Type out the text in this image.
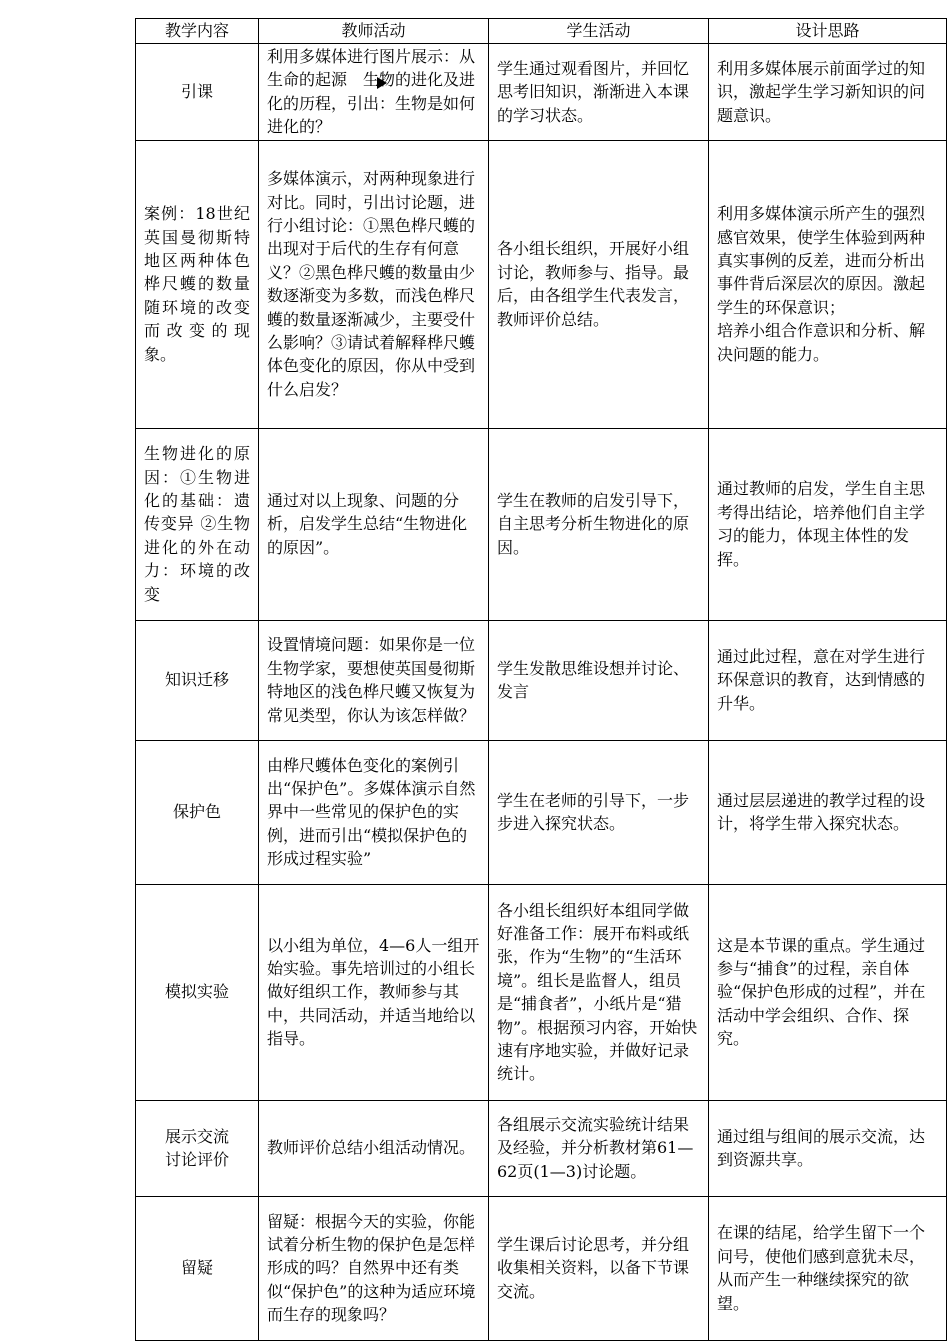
教学内容	教师活动	学生活动	设计思路
引课	利用多媒体进行图片展示：从生命的起源　生物的进化及进化的历程，引出：生物是如何进化的？	学生通过观看图片，并回忆思考旧知识，渐渐进入本课的学习状态。	利用多媒体展示前面学过的知识，激起学生学习新知识的问题意识。
案例：18世纪英国曼彻斯特地区两种体色桦尺蠖的数量随环境的改变而改变的现象。	多媒体演示，对两种现象进行对比。同时，引出讨论题，进行小组讨论：①黑色桦尺蠖的出现对于后代的生存有何意义？②黑色桦尺蠖的数量由少数逐渐变为多数，而浅色桦尺蠖的数量逐渐减少，主要受什么影响？③请试着解释桦尺蠖体色变化的原因，你从中受到什么启发？	各小组长组织，开展好小组讨论，教师参与、指导。最后，由各组学生代表发言，教师评价总结。	利用多媒体演示所产生的强烈感官效果，使学生体验到两种真实事例的反差，进而分析出事件背后深层次的原因。激起学生的环保意识；
培养小组合作意识和分析、解决问题的能力。
生物进化的原因：①生物进化的基础：遗传变异 ②生物进化的外在动力：环境的改变	通过对以上现象、问题的分析，启发学生总结“生物进化的原因”。	学生在教师的启发引导下，自主思考分析生物进化的原因。	通过教师的启发，学生自主思考得出结论，培养他们自主学习的能力，体现主体性的发挥。
知识迁移	设置情境问题：如果你是一位生物学家，要想使英国曼彻斯特地区的浅色桦尺蠖又恢复为常见类型，你认为该怎样做？	学生发散思维设想并讨论、发言	通过此过程，意在对学生进行环保意识的教育，达到情感的升华。
保护色	由桦尺蠖体色变化的案例引出“保护色”。多媒体演示自然界中一些常见的保护色的实例，进而引出“模拟保护色的形成过程实验”	学生在老师的引导下，一步步进入探究状态。	通过层层递进的教学过程的设计，将学生带入探究状态。
模拟实验	以小组为单位，4—6人一组开始实验。事先培训过的小组长做好组织工作，教师参与其中，共同活动，并适当地给以指导。	各小组长组织好本组同学做好准备工作：展开布料或纸张，作为“生物”的“生活环境”。组长是监督人，组员是“捕食者”，小纸片是“猎物”。根据预习内容，开始快速有序地实验，并做好记录统计。	这是本节课的重点。学生通过参与“捕食”的过程，亲自体验“保护色形成的过程”，并在活动中学会组织、合作、探究。
展示交流
讨论评价	教师评价总结小组活动情况。	各组展示交流实验统计结果及经验，并分析教材第61—62页(1—3)讨论题。	通过组与组间的展示交流，达到资源共享。
留疑	留疑：根据今天的实验，你能试着分析生物的保护色是怎样形成的吗？自然界中还有类似“保护色”的这种为适应环境而生存的现象吗？	学生课后讨论思考，并分组收集相关资料，以备下节课交流。	在课的结尾，给学生留下一个问号，使他们感到意犹未尽，从而产生一种继续探究的欲望。
